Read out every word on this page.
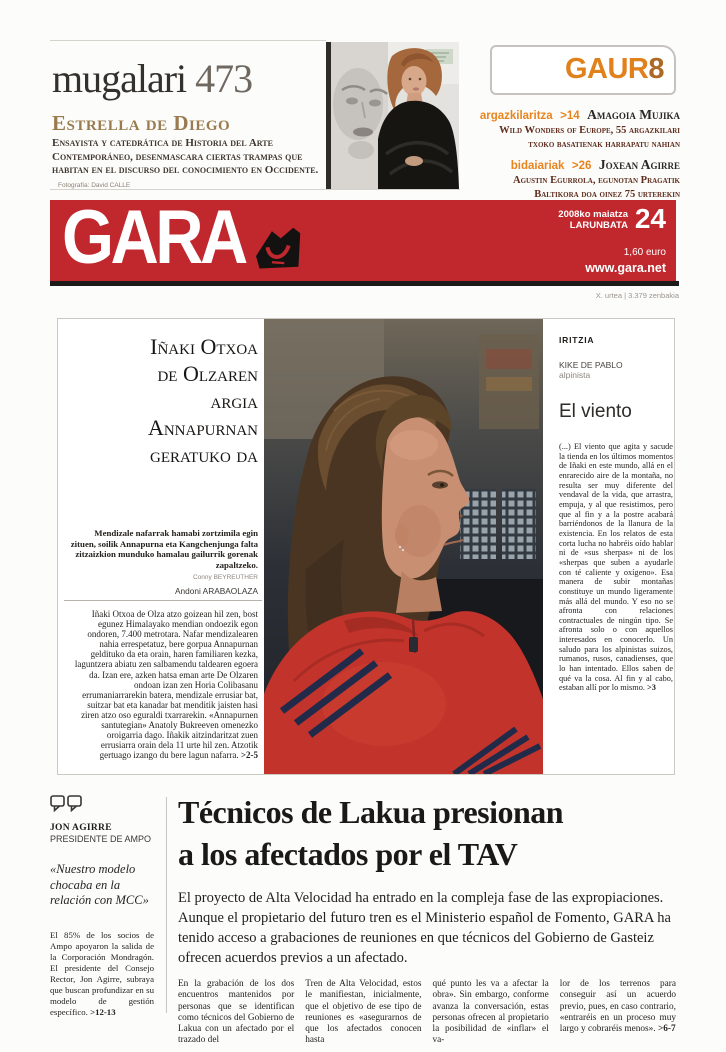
mugalari 473
Estrella de Diego
Ensayista y catedrática de Historia del Arte Contemporáneo, desenmascara ciertas trampas que habitan en el discurso del conocimiento en Occidente. Fotografía: David CALLE
GAUR8
argazkilaritza >14 Amagoia Mujika
Wild Wonders of Europe, 55 argazkilari
txoko basatienak harrapatu nahian
bidaiariak >26 Joxean Agirre
Agustin Egurrola, egunotan Pragatik
Baltikora doa oinez 75 urterekin
GARA	2008ko maiatza
LARUNBATA 24
1,60 euro
www.gara.net
X. urtea | 3.379 zenbakia
Iñaki Otxoa
de Olzaren
argia
Annapurnan
geratuko da
Mendizale nafarrak hamabi zortzimila egin zituen, soilik Annapurna eta Kangchenjunga falta zitzaizkion munduko hamalau gailurrik gorenak zapaltzeko.
Conny BEYREUTHER
Andoni ARABAOLAZA
Iñaki Otxoa de Olza atzo goizean hil zen, bost egunez Himalayako mendian ondoezik egon ondoren, 7.400 metrotara. Nafar mendizalearen nahia errespetatuz, bere gorpua Annapurnan geldituko da eta orain, haren familiaren kezka, laguntzera abiatu zen salbamendu taldearen egoera da. Izan ere, azken hatsa eman arte De Olzaren ondoan izan zen Horia Colibasanu errumaniarrarekin batera, mendizale errusiar bat, suitzar bat eta kanadar bat menditik jaisten hasi ziren atzo oso eguraldi txarrarekin. «Annapurnen santutegian» Anatoly Bukreeven omenezko oroigarria dago. Iñakik aitzindaritzat zuen errusiarra orain dela 11 urte hil zen. Atzotik gertuago izango du bere lagun nafarra. >2-5
IRITZIA
KIKE DE PABLO
alpinista
El viento
(...) El viento que agita y sacude la tienda en los últimos momentos de Iñaki en este mundo, allá en el enrarecido aire de la montaña, no resulta ser muy diferente del vendaval de la vida, que arrastra, empuja, y al que resistimos, pero que al fin y a la postre acabará barriéndonos de la llanura de la existencia. En los relatos de esta corta lucha no habréis oído hablar ni de «sus sherpas» ni de los «sherpas que suben a ayudarle con té caliente y oxígeno». Esa manera de subir montañas constituye un mundo ligeramente más allá del mundo. Y eso no se afronta con relaciones contractuales de ningún tipo. Se afronta solo o con aquellos interesados en conocerlo. Un saludo para los alpinistas suizos, rumanos, rusos, canadienses, que lo han intentado. Ellos saben de qué va la cosa. Al fin y al cabo, estaban allí por lo mismo. >3
JON AGIRRE
PRESIDENTE DE AMPO
«Nuestro modelo chocaba en la relación con MCC»
El 85% de los socios de Ampo apoyaron la salida de la Corporación Mondragón. El presidente del Consejo Rector, Jon Agirre, subraya que buscan profundizar en su modelo de gestión específico. >12-13
Técnicos de Lakua presionan
a los afectados por el TAV
El proyecto de Alta Velocidad ha entrado en la compleja fase de las expropiaciones. Aunque el propietario del futuro tren es el Ministerio español de Fomento, GARA ha tenido acceso a grabaciones de reuniones en que técnicos del Gobierno de Gasteiz ofrecen acuerdos previos a un afectado.
En la grabación de los dos encuentros mantenidos por personas que se identifican como técnicos del Gobierno de Lakua con un afectado por el trazado del
Tren de Alta Velocidad, estos le manifiestan, inicialmente, que el objetivo de ese tipo de reuniones es «asegurarnos de que los afectados conocen hasta
qué punto les va a afectar la obra». Sin embargo, conforme avanza la conversación, estas personas ofrecen al propietario la posibilidad de «inflar» el va-
lor de los terrenos para conseguir así un acuerdo previo, pues, en caso contrario, «entraréis en un proceso muy largo y cobraréis menos». >6-7
